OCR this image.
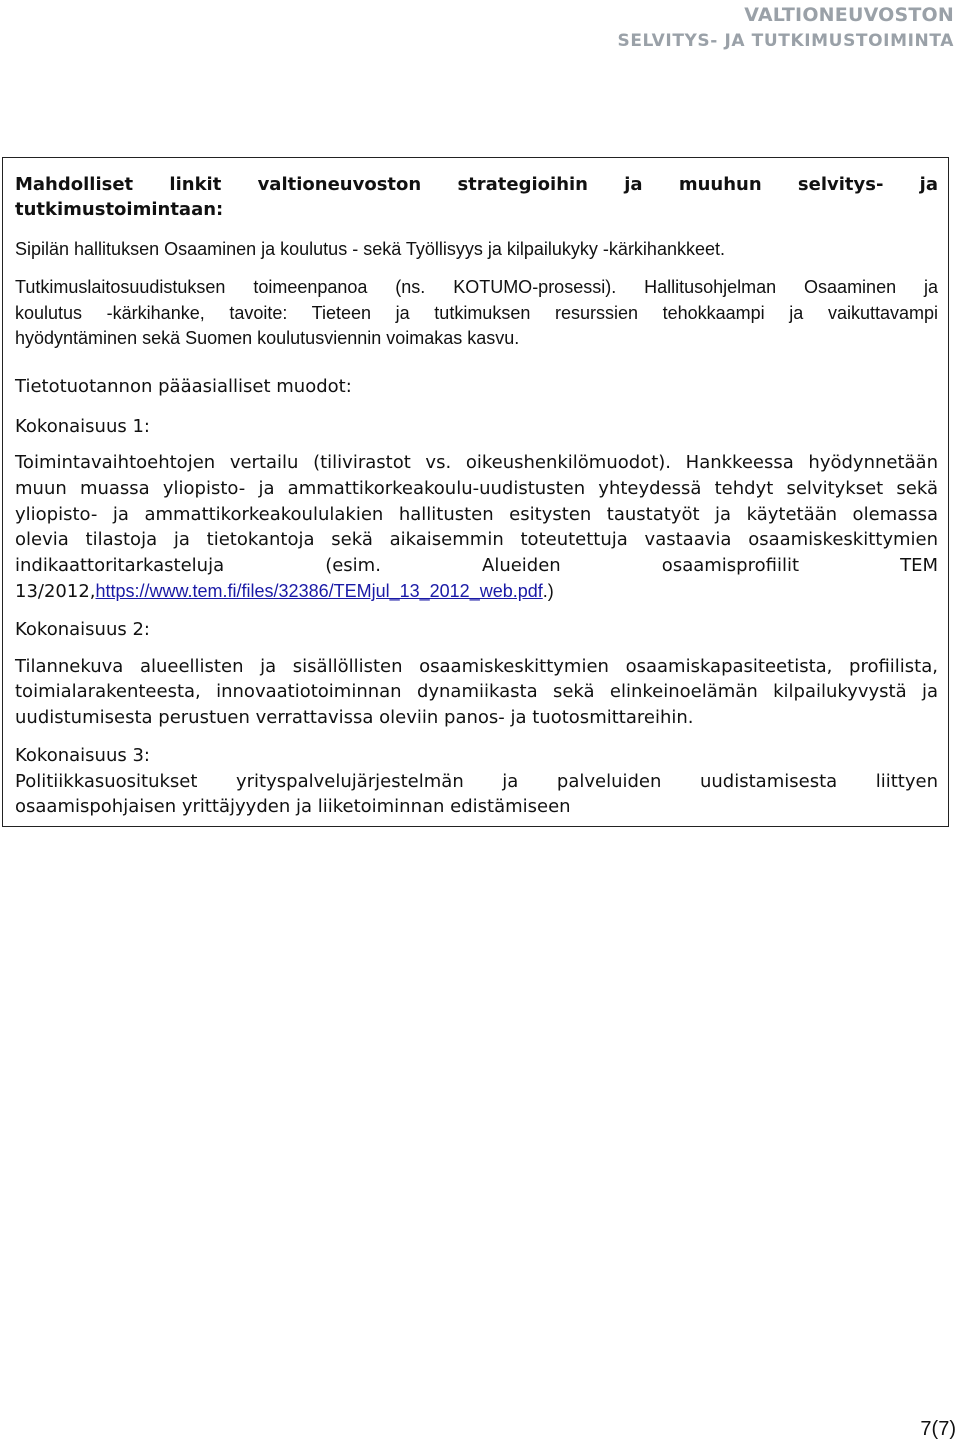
VALTIONEUVOSTON
SELVITYS- JA TUTKIMUSTOIMINTA
Mahdolliset linkit valtioneuvoston strategioihin ja muuhun selvitys- ja
tutkimustoimintaan:
Sipilän hallituksen Osaaminen ja koulutus - sekä Työllisyys ja kilpailukyky -kärkihankkeet.
Tutkimuslaitosuudistuksen toimeenpanoa (ns. KOTUMO-prosessi). Hallitusohjelman Osaaminen ja
koulutus -kärkihanke, tavoite: Tieteen ja tutkimuksen resurssien tehokkaampi ja vaikuttavampi
hyödyntäminen sekä Suomen koulutusviennin voimakas kasvu.
Tietotuotannon pääasialliset muodot:
Kokonaisuus 1:
Toimintavaihtoehtojen vertailu (tilivirastot vs. oikeushenkilömuodot). Hankkeessa hyödynnetään
muun muassa yliopisto- ja ammattikorkeakoulu-uudistusten yhteydessä tehdyt selvitykset sekä
yliopisto- ja ammattikorkeakoululakien hallitusten esitysten taustatyöt ja käytetään olemassa
olevia tilastoja ja tietokantoja sekä aikaisemmin toteutettuja vastaavia osaamiskeskittymien
indikaattoritarkasteluja (esim. Alueiden osaamisprofiilit TEM
13/2012,https://www.tem.fi/files/32386/TEMjul_13_2012_web.pdf.)
Kokonaisuus 2:
Tilannekuva alueellisten ja sisällöllisten osaamiskeskittymien osaamiskapasiteetista, profiilista,
toimialarakenteesta, innovaatiotoiminnan dynamiikasta sekä elinkeinoelämän kilpailukyvystä ja
uudistumisesta perustuen verrattavissa oleviin panos- ja tuotosmittareihin.
Kokonaisuus 3:
Politiikkasuositukset yrityspalvelujärjestelmän ja palveluiden uudistamisesta liittyen
osaamispohjaisen yrittäjyyden ja liiketoiminnan edistämiseen
7(7)
